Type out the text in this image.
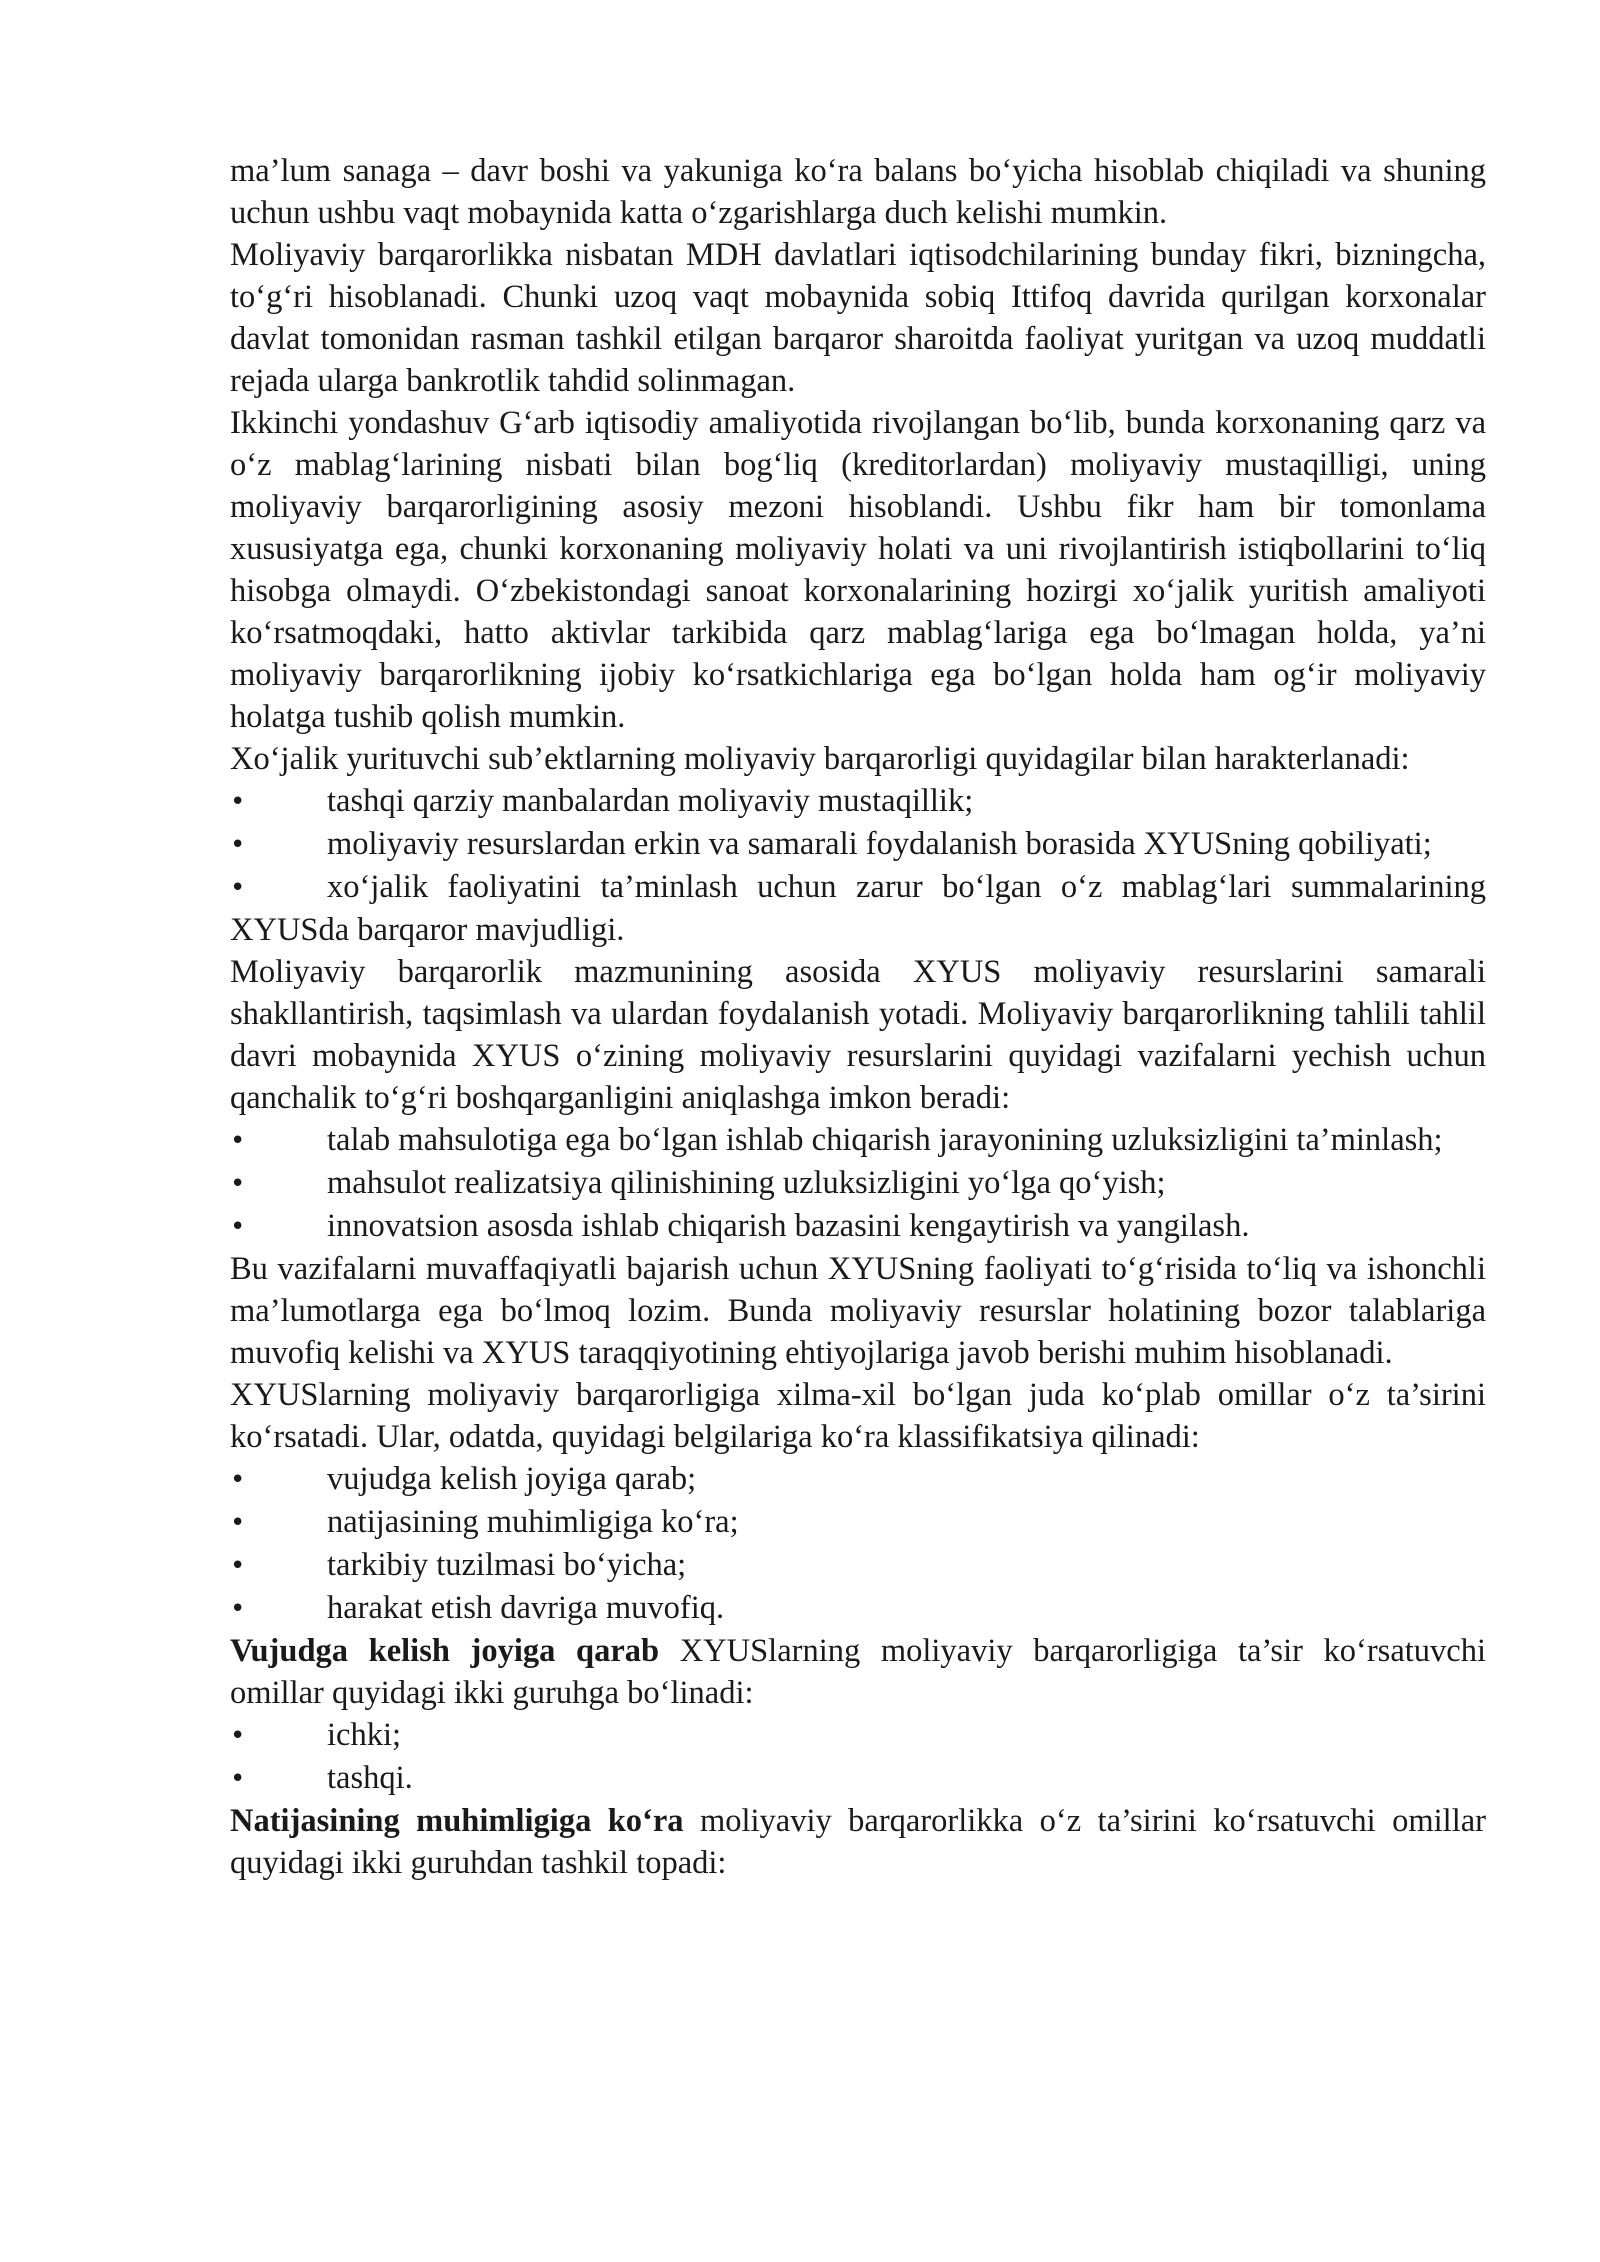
ma’lum sanaga – davr boshi va yakuniga ko‘ra balans bo‘yicha hisoblab chiqiladi va shuning uchun ushbu vaqt mobaynida katta o‘zgarishlarga duch kelishi mumkin.

Moliyaviy barqarorlikka nisbatan MDH davlatlari iqtisodchilarining bunday fikri, bizningcha, to‘g‘ri hisoblanadi. Chunki uzoq vaqt mobaynida sobiq Ittifoq davrida qurilgan korxonalar davlat tomonidan rasman tashkil etilgan barqaror sharoitda faoliyat yuritgan va uzoq muddatli rejada ularga bankrotlik tahdid solinmagan.

Ikkinchi yondashuv G‘arb iqtisodiy amaliyotida rivojlangan bo‘lib, bunda korxonaning qarz va o‘z mablag‘larining nisbati bilan bog‘liq (kreditorlardan) moliyaviy mustaqilligi, uning moliyaviy barqarorligining asosiy mezoni hisoblandi. Ushbu fikr ham bir tomonlama xususiyatga ega, chunki korxonaning moliyaviy holati va uni rivojlantirish istiqbollarini to‘liq hisobga olmaydi. O‘zbekistondagi sanoat korxonalarining hozirgi xo‘jalik yuritish amaliyoti ko‘rsatmoqdaki, hatto aktivlar tarkibida qarz mablag‘lariga ega bo‘lmagan holda, ya’ni moliyaviy barqarorlikning ijobiy ko‘rsatkichlariga ega bo‘lgan holda ham og‘ir moliyaviy holatga tushib qolish mumkin.

Xo‘jalik yurituvchi sub’ektlarning moliyaviy barqarorligi quyidagilar bilan harakterlanadi:

•	tashqi qarziy manbalardan moliyaviy mustaqillik;

•	moliyaviy resurslardan erkin va samarali foydalanish borasida XYUSning qobiliyati;

•	xo‘jalik faoliyatini ta’minlash uchun zarur bo‘lgan o‘z mablag‘lari summalarining XYUSda barqaror mavjudligi.

Moliyaviy barqarorlik mazmunining asosida XYUS moliyaviy resurslarini samarali shakllantirish, taqsimlash va ulardan foydalanish yotadi. Moliyaviy barqarorlikning tahlili tahlil davri mobaynida XYUS o‘zining moliyaviy resurslarini quyidagi vazifalarni yechish uchun qanchalik to‘g‘ri boshqarganligini aniqlashga imkon beradi:

•	talab mahsulotiga ega bo‘lgan ishlab chiqarish jarayonining uzluksizligini ta’minlash;

•	mahsulot realizatsiya qilinishining uzluksizligini yo‘lga qo‘yish;

•	innovatsion asosda ishlab chiqarish bazasini kengaytirish va yangilash.

Bu vazifalarni muvaffaqiyatli bajarish uchun XYUSning faoliyati to‘g‘risida to‘liq va ishonchli ma’lumotlarga ega bo‘lmoq lozim. Bunda moliyaviy resurslar holatining bozor talablariga muvofiq kelishi va XYUS taraqqiyotining ehtiyojlariga javob berishi muhim hisoblanadi.

XYUSlarning moliyaviy barqarorligiga xilma-xil bo‘lgan juda ko‘plab omillar o‘z ta’sirini ko‘rsatadi. Ular, odatda, quyidagi belgilariga ko‘ra klassifikatsiya qilinadi:

•	vujudga kelish joyiga qarab;

•	natijasining muhimligiga ko‘ra;

•	tarkibiy tuzilmasi bo‘yicha;

•	harakat etish davriga muvofiq.

Vujudga kelish joyiga qarab XYUSlarning moliyaviy barqarorligiga ta’sir ko‘rsatuvchi omillar quyidagi ikki guruhga bo‘linadi:

•	ichki;

•	tashqi.

Natijasining muhimligiga ko‘ra moliyaviy barqarorlikka o‘z ta’sirini ko‘rsatuvchi omillar quyidagi ikki guruhdan tashkil topadi:
